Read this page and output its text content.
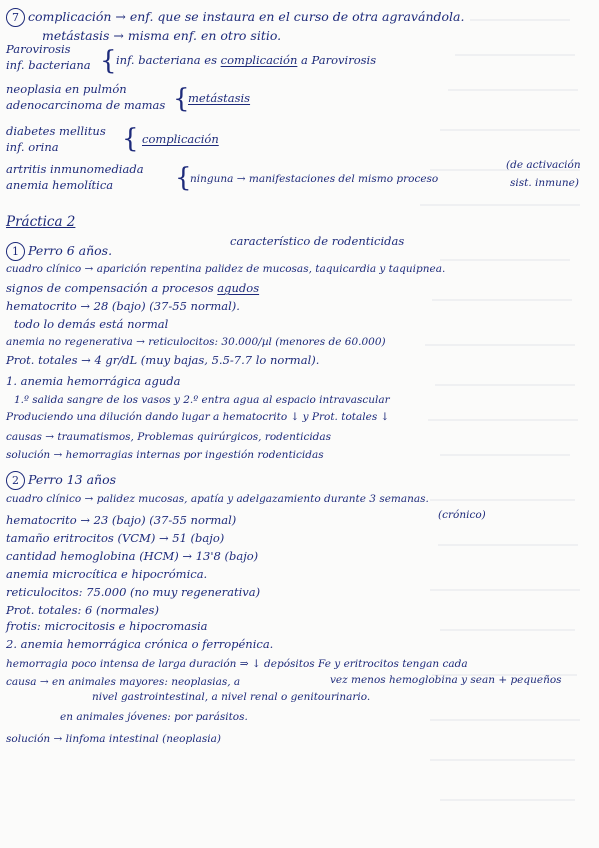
7 complicación → enf. que se instaura en el curso de otra agravándola.
metástasis → misma enf. en otro sitio.
Parovirosis
inf. bacteriana { inf. bacteriana es complicación a Parovirosis
neoplasia en pulmón
adenocarcinoma de mamas {
metástasis
diabetes mellitus
inf. orina { complicación
artritis inmunomediada
anemia hemolítica {
ninguna → manifestaciones del mismo proceso
(de activación
sist. inmune)
Práctica 2
característico de rodenticidas
1 Perro 6 años.
cuadro clínico → aparición repentina palidez de mucosas, taquicardia y taquipnea.
signos de compensación a procesos agudos
hematocrito → 28 (bajo) (37-55 normal).
todo lo demás está normal
anemia no regenerativa → reticulocitos: 30.000/µl (menores de 60.000)
Prot. totales → 4 gr/dL (muy bajas, 5.5-7.7 lo normal).
1. anemia hemorrágica aguda
1.º salida sangre de los vasos y 2.º entra agua al espacio intravascular
Produciendo una dilución dando lugar a hematocrito ↓ y Prot. totales ↓
causas → traumatismos, Problemas quirúrgicos, rodenticidas
solución → hemorragias internas por ingestión rodenticidas
2 Perro 13 años
cuadro clínico → palidez mucosas, apatía y adelgazamiento durante 3 semanas.
(crónico)
hematocrito → 23 (bajo) (37-55 normal)
tamaño eritrocitos (VCM) → 51 (bajo)
cantidad hemoglobina (HCM) → 13'8 (bajo)
anemia microcítica e hipocrómica.
reticulocitos: 75.000 (no muy regenerativa)
Prot. totales: 6 (normales)
frotis: microcitosis e hipocromasia
2. anemia hemorrágica crónica o ferropénica.
hemorragia poco intensa de larga duración ⇒ ↓ depósitos Fe y eritrocitos tengan cada
vez menos hemoglobina y sean + pequeños
causa → en animales mayores: neoplasias, a
nivel gastrointestinal, a nivel renal o genitourinario.
en animales jóvenes: por parásitos.
solución → linfoma intestinal (neoplasia)
